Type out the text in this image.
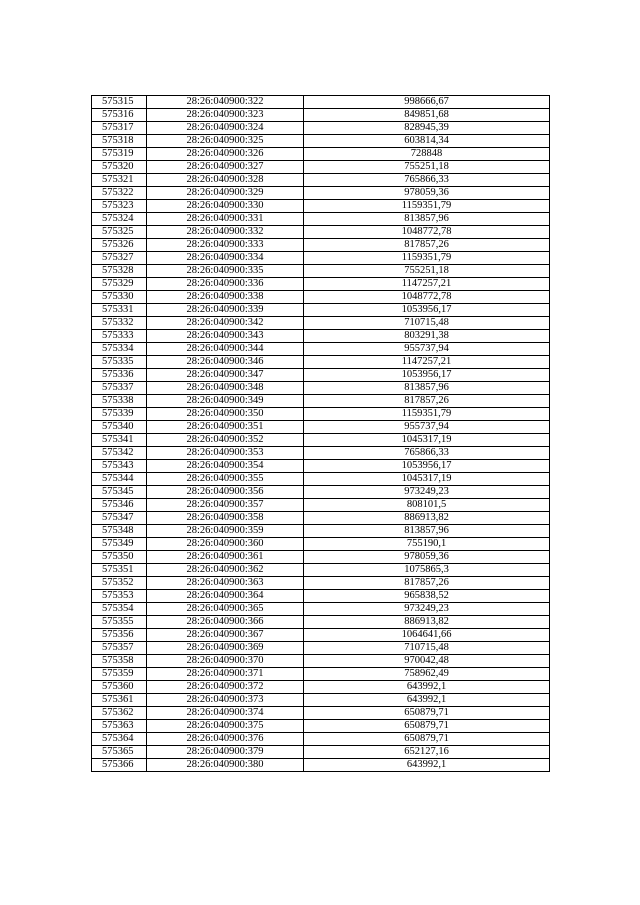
575315	28:26:040900:322	998666,67
575316	28:26:040900:323	849851,68
575317	28:26:040900:324	828945,39
575318	28:26:040900:325	603814,34
575319	28:26:040900:326	728848
575320	28:26:040900:327	755251,18
575321	28:26:040900:328	765866,33
575322	28:26:040900:329	978059,36
575323	28:26:040900:330	1159351,79
575324	28:26:040900:331	813857,96
575325	28:26:040900:332	1048772,78
575326	28:26:040900:333	817857,26
575327	28:26:040900:334	1159351,79
575328	28:26:040900:335	755251,18
575329	28:26:040900:336	1147257,21
575330	28:26:040900:338	1048772,78
575331	28:26:040900:339	1053956,17
575332	28:26:040900:342	710715,48
575333	28:26:040900:343	803291,38
575334	28:26:040900:344	955737,94
575335	28:26:040900:346	1147257,21
575336	28:26:040900:347	1053956,17
575337	28:26:040900:348	813857,96
575338	28:26:040900:349	817857,26
575339	28:26:040900:350	1159351,79
575340	28:26:040900:351	955737,94
575341	28:26:040900:352	1045317,19
575342	28:26:040900:353	765866,33
575343	28:26:040900:354	1053956,17
575344	28:26:040900:355	1045317,19
575345	28:26:040900:356	973249,23
575346	28:26:040900:357	808101,5
575347	28:26:040900:358	886913,82
575348	28:26:040900:359	813857,96
575349	28:26:040900:360	755190,1
575350	28:26:040900:361	978059,36
575351	28:26:040900:362	1075865,3
575352	28:26:040900:363	817857,26
575353	28:26:040900:364	965838,52
575354	28:26:040900:365	973249,23
575355	28:26:040900:366	886913,82
575356	28:26:040900:367	1064641,66
575357	28:26:040900:369	710715,48
575358	28:26:040900:370	970042,48
575359	28:26:040900:371	758962,49
575360	28:26:040900:372	643992,1
575361	28:26:040900:373	643992,1
575362	28:26:040900:374	650879,71
575363	28:26:040900:375	650879,71
575364	28:26:040900:376	650879,71
575365	28:26:040900:379	652127,16
575366	28:26:040900:380	643992,1
